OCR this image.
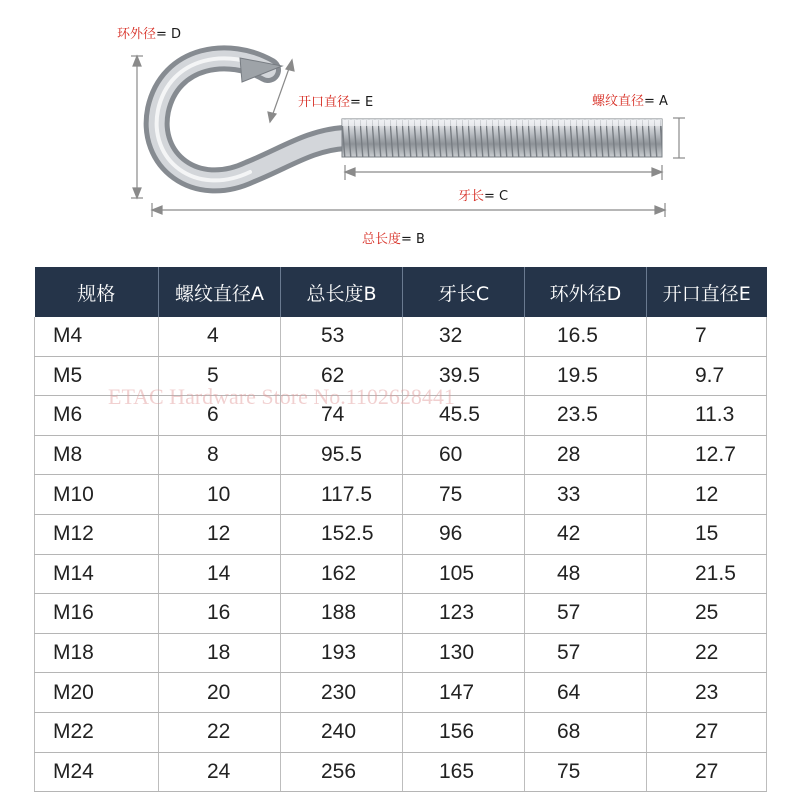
环外径= D
开口直径= E	螺纹直径= A
牙长= C
总长度= B
规格	螺纹直径A	总长度B	牙长C	环外径D	开口直径E
M4	4	53	32	16.5	7
M5	5	62	39.5	19.5	9.7
M6	6	74	45.5	23.5	11.3
M8	8	95.5	60	28	12.7
M10	10	117.5	75	33	12
M12	12	152.5	96	42	15
M14	14	162	105	48	21.5
M16	16	188	123	57	25
M18	18	193	130	57	22
M20	20	230	147	64	23
M22	22	240	156	68	27
M24	24	256	165	75	27
ETAC Hardware Store No.1102628441
